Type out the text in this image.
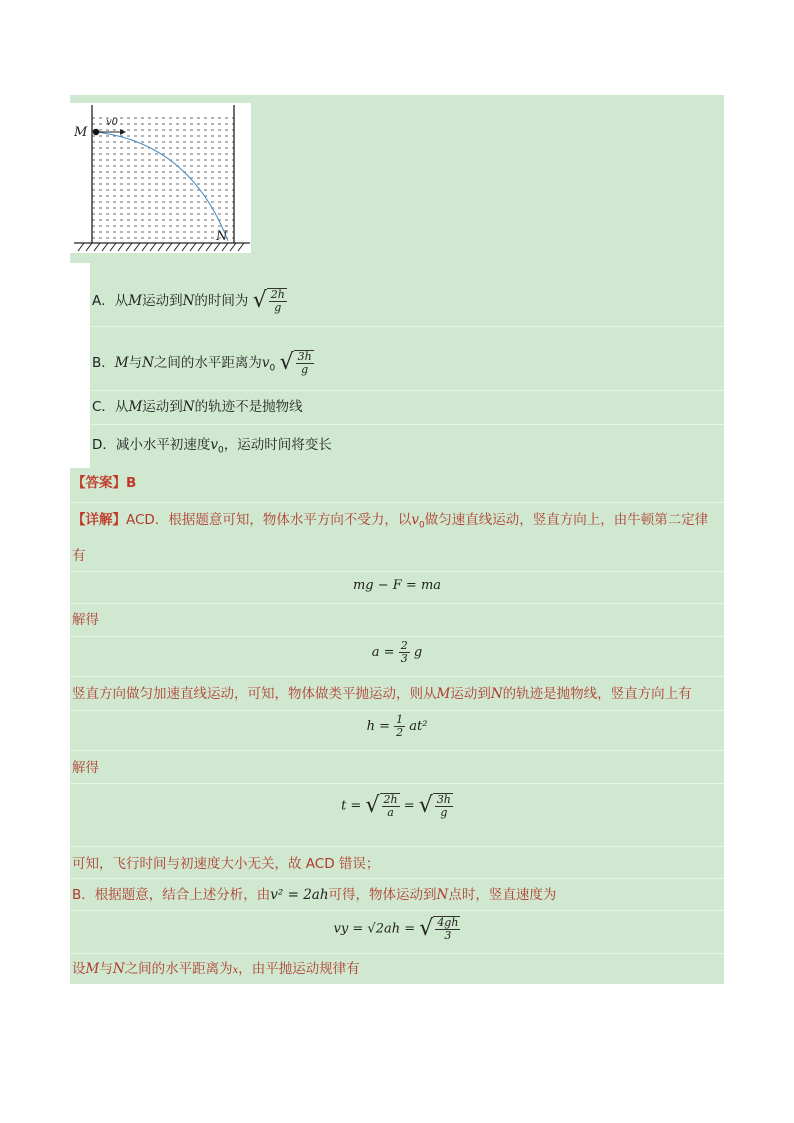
M
v0
N
A．从M运动到N的时间为 √ $\frac{2h}{g}$
B．M与N之间的水平距离为$v_0$ √ $\frac{3h}{g}$
C．从M运动到N的轨迹不是抛物线
D．减小水平初速度$v_0$，运动时间将变长
【答案】B
【详解】ACD．根据题意可知，物体水平方向不受力，以$v_0$做匀速直线运动，竖直方向上，由牛顿第二定律
有
mg − F = ma
解得
$a = \frac{2}{3}$ g
竖直方向做匀加速直线运动，可知，物体做类平抛运动，则从M运动到N的轨迹是抛物线，竖直方向上有
$h = \frac{1}{2} at^2$
解得
t = √ $\frac{2h}{a}$ = √ $\frac{3h}{g}$
可知，飞行时间与初速度大小无关，故 ACD 错误；
B．根据题意，结合上述分析，由v² = 2ah可得，物体运动到N点时，竖直速度为
vy = √2ah = √ $\frac{4gh}{3}$
设M与N之间的水平距离为x，由平抛运动规律有
